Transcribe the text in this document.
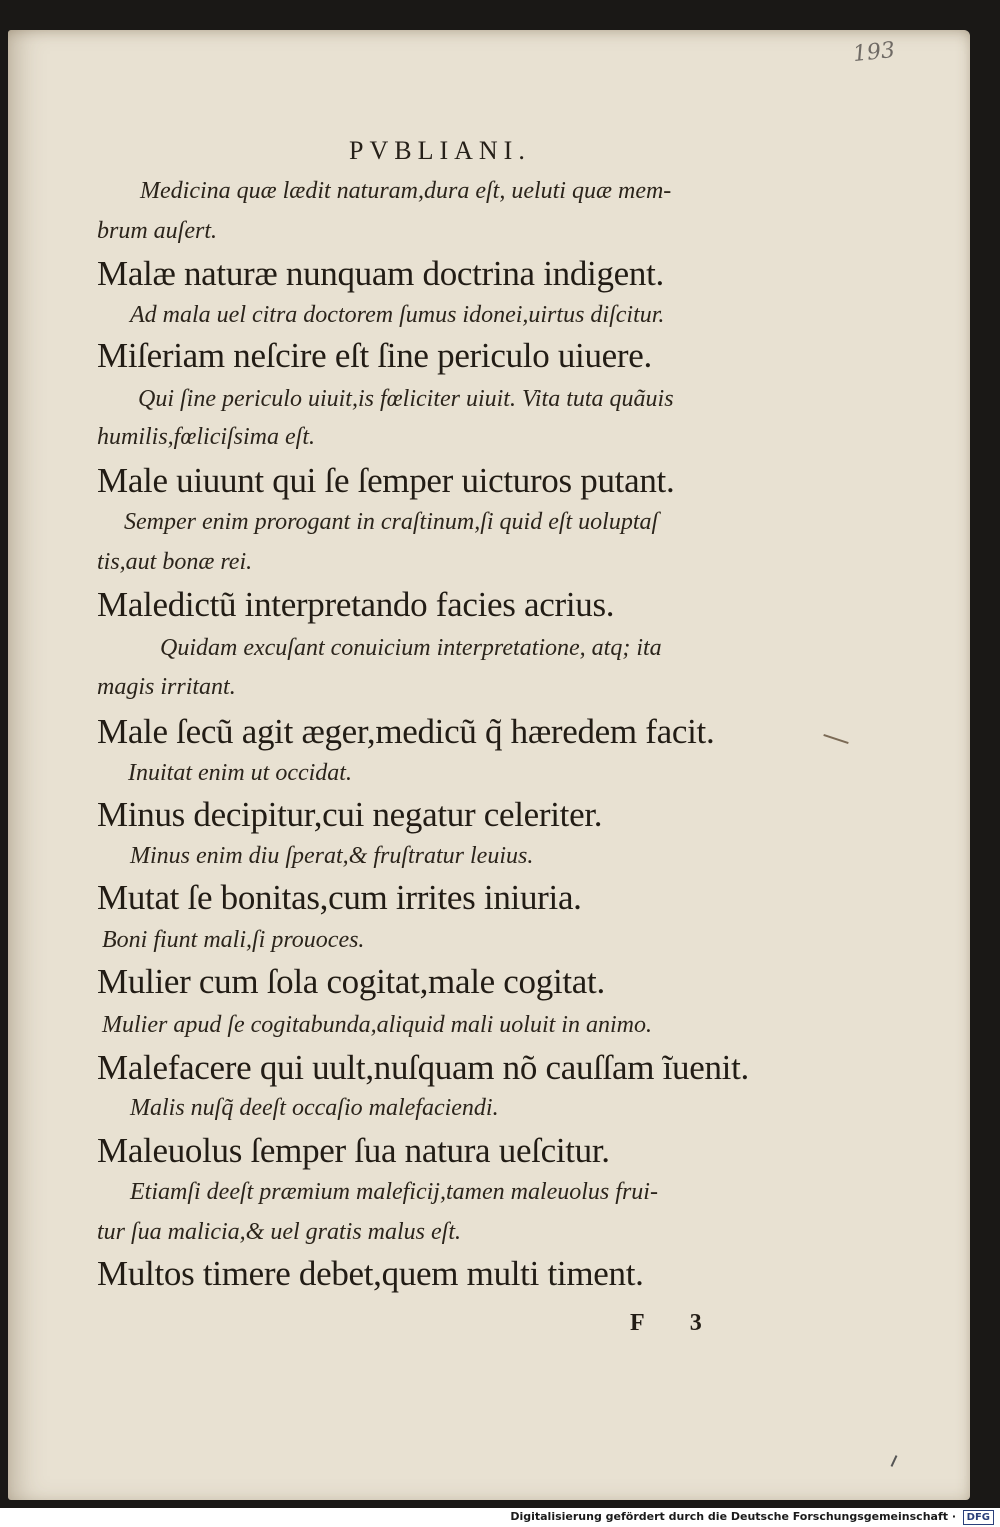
193

PVBLIANI.

Medicina quæ lædit naturam,dura eſt, ueluti quæ mem‑

brum auſert.

Malæ naturæ nunquam doctrina indigent.

Ad mala uel citra doctorem ſumus idonei,uirtus diſcitur.

Miſeriam neſcire eſt ſine periculo uiuere.

Qui ſine periculo uiuit,is fœliciter uiuit. Vita tuta quãuis

humilis,fœliciſsima eſt.

Male uiuunt qui ſe ſemper uicturos putant.

Semper enim prorogant in craſtinum,ſi quid eſt uoluptaſ

tis,aut bonæ rei.

Maledictũ interpretando facies acrius.

Quidam excuſant conuicium interpretatione, atq; ita

magis irritant.

Male ſecũ agit æger,medicũ q̃ hæredem facit.

Inuitat enim ut occidat.

Minus decipitur,cui negatur celeriter.

Minus enim diu ſperat,& fruſtratur leuius.

Mutat ſe bonitas,cum irrites iniuria.

Boni fiunt mali,ſi prouoces.

Mulier cum ſola cogitat,male cogitat.

Mulier apud ſe cogitabunda,aliquid mali uoluit in animo.

Malefacere qui uult,nuſquam nõ cauſſam ĩuenit.

Malis nuſq̃ deeſt occaſio malefaciendi.

Maleuolus ſemper ſua natura ueſcitur.

Etiamſi deeſt præmium maleficij,tamen maleuolus frui‑

tur ſua malicia,& uel gratis malus eſt.

Multos timere debet,quem multi timent.

F 3

Digitalisierung gefördert durch die Deutsche Forschungsgemeinschaft ·	DFG
